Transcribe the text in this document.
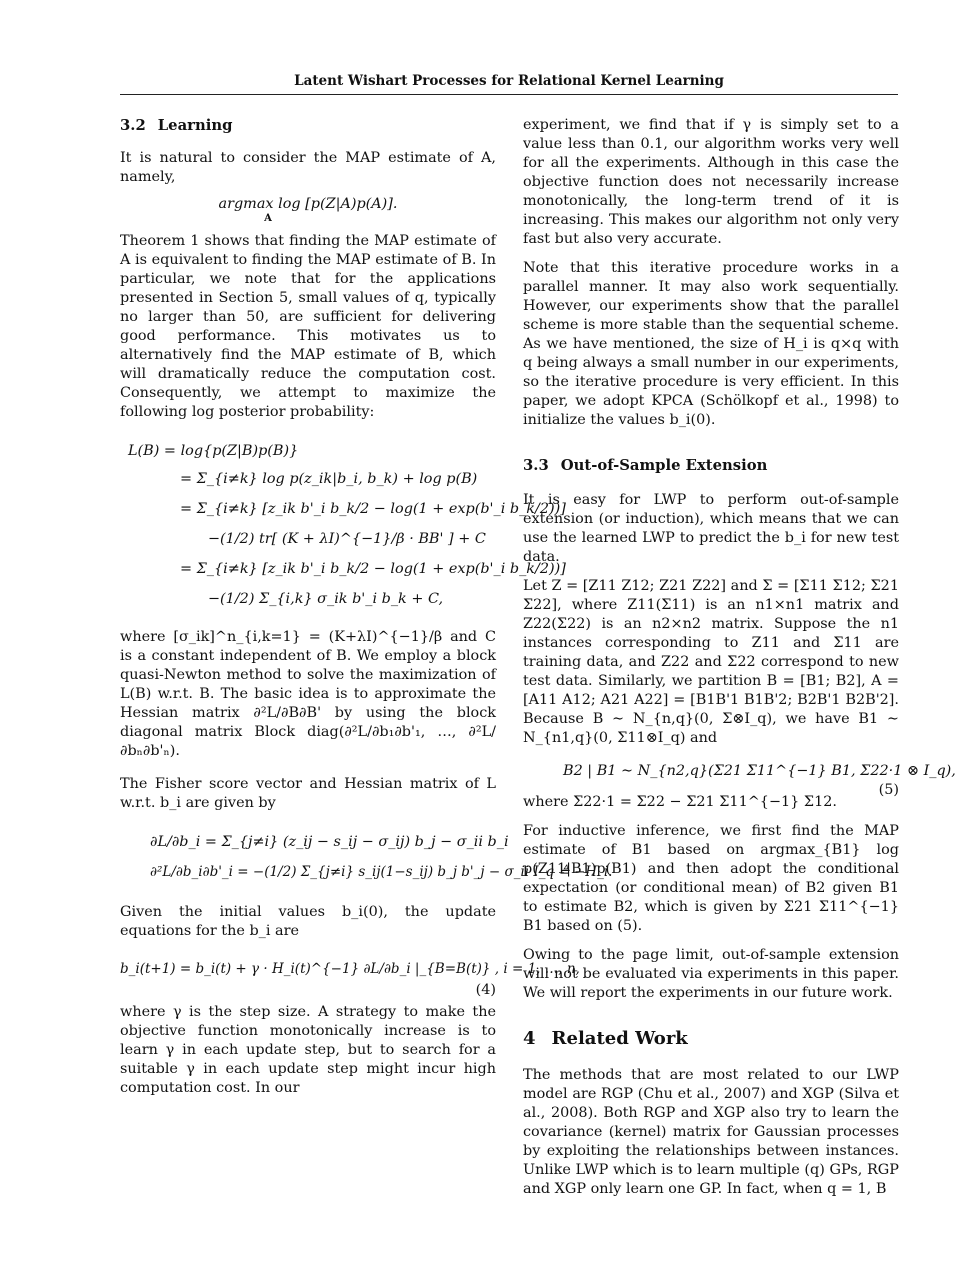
Latent Wishart Processes for Relational Kernel Learning
3.2 Learning

It is natural to consider the MAP estimate of A, namely,

argmax log [p(Z|A)p(A)].
A

Theorem 1 shows that finding the MAP estimate of A is equivalent to finding the MAP estimate of B. In particular, we note that for the applications presented in Section 5, small values of q, typically no larger than 50, are sufficient for delivering good performance. This motivates us to alternatively find the MAP estimate of B, which will dramatically reduce the computation cost. Consequently, we attempt to maximize the following log posterior probability:

L(B) = log{p(Z|B)p(B)}
= Σ_{i≠k} log p(z_ik|b_i, b_k) + log p(B)
= Σ_{i≠k} [z_ik b'_i b_k/2 − log(1 + exp(b'_i b_k/2))]
−(1/2) tr[ (K + λI)^{−1}/β · BB' ] + C
= Σ_{i≠k} [z_ik b'_i b_k/2 − log(1 + exp(b'_i b_k/2))]
−(1/2) Σ_{i,k} σ_ik b'_i b_k + C,

where [σ_ik]^n_{i,k=1} = (K+λI)^{−1}/β and C is a constant independent of B. We employ a block quasi-Newton method to solve the maximization of L(B) w.r.t. B. The basic idea is to approximate the Hessian matrix ∂²L/∂B∂B' by using the block diagonal matrix Block diag(∂²L/∂b₁∂b'₁, …, ∂²L/∂bₙ∂b'ₙ).

The Fisher score vector and Hessian matrix of L w.r.t. b_i are given by

∂L/∂b_i = Σ_{j≠i} (z_ij − s_ij − σ_ij) b_j − σ_ii b_i
∂²L/∂b_i∂b'_i = −(1/2) Σ_{j≠i} s_ij(1−s_ij) b_j b'_j − σ_ii I_q ≜ −H_i.

Given the initial values b_i(0), the update equations for the b_i are

b_i(t+1) = b_i(t) + γ · H_i(t)^{−1} ∂L/∂b_i |_{B=B(t)} , i = 1, …, n,
(4)

where γ is the step size. A strategy to make the objective function monotonically increase is to learn γ in each update step, but to search for a suitable γ in each update step might incur high computation cost. In our

experiment, we find that if γ is simply set to a value less than 0.1, our algorithm works very well for all the experiments. Although in this case the objective function does not necessarily increase monotonically, the long-term trend of it is increasing. This makes our algorithm not only very fast but also very accurate.

Note that this iterative procedure works in a parallel manner. It may also work sequentially. However, our experiments show that the parallel scheme is more stable than the sequential scheme. As we have mentioned, the size of H_i is q×q with q being always a small number in our experiments, so the iterative procedure is very efficient. In this paper, we adopt KPCA (Schölkopf et al., 1998) to initialize the values b_i(0).

3.3 Out-of-Sample Extension

It is easy for LWP to perform out-of-sample extension (or induction), which means that we can use the learned LWP to predict the b_i for new test data.

Let Z = [Z11 Z12; Z21 Z22] and Σ = [Σ11 Σ12; Σ21 Σ22], where Z11(Σ11) is an n1×n1 matrix and Z22(Σ22) is an n2×n2 matrix. Suppose the n1 instances corresponding to Z11 and Σ11 are training data, and Z22 and Σ22 correspond to new test data. Similarly, we partition B = [B1; B2], A = [A11 A12; A21 A22] = [B1B'1 B1B'2; B2B'1 B2B'2]. Because B ∼ N_{n,q}(0, Σ⊗I_q), we have B1 ∼ N_{n1,q}(0, Σ11⊗I_q) and

B2 | B1 ∼ N_{n2,q}(Σ21 Σ11^{−1} B1, Σ22·1 ⊗ I_q),
(5)

where Σ22·1 = Σ22 − Σ21 Σ11^{−1} Σ12.

For inductive inference, we first find the MAP estimate of B1 based on argmax_{B1} log p(Z11|B1)p(B1) and then adopt the conditional expectation (or conditional mean) of B2 given B1 to estimate B2, which is given by Σ21 Σ11^{−1} B1 based on (5).

Owing to the page limit, out-of-sample extension will not be evaluated via experiments in this paper. We will report the experiments in our future work.

4 Related Work

The methods that are most related to our LWP model are RGP (Chu et al., 2007) and XGP (Silva et al., 2008). Both RGP and XGP also try to learn the covariance (kernel) matrix for Gaussian processes by exploiting the relationships between instances. Unlike LWP which is to learn multiple (q) GPs, RGP and XGP only learn one GP. In fact, when q = 1, B
